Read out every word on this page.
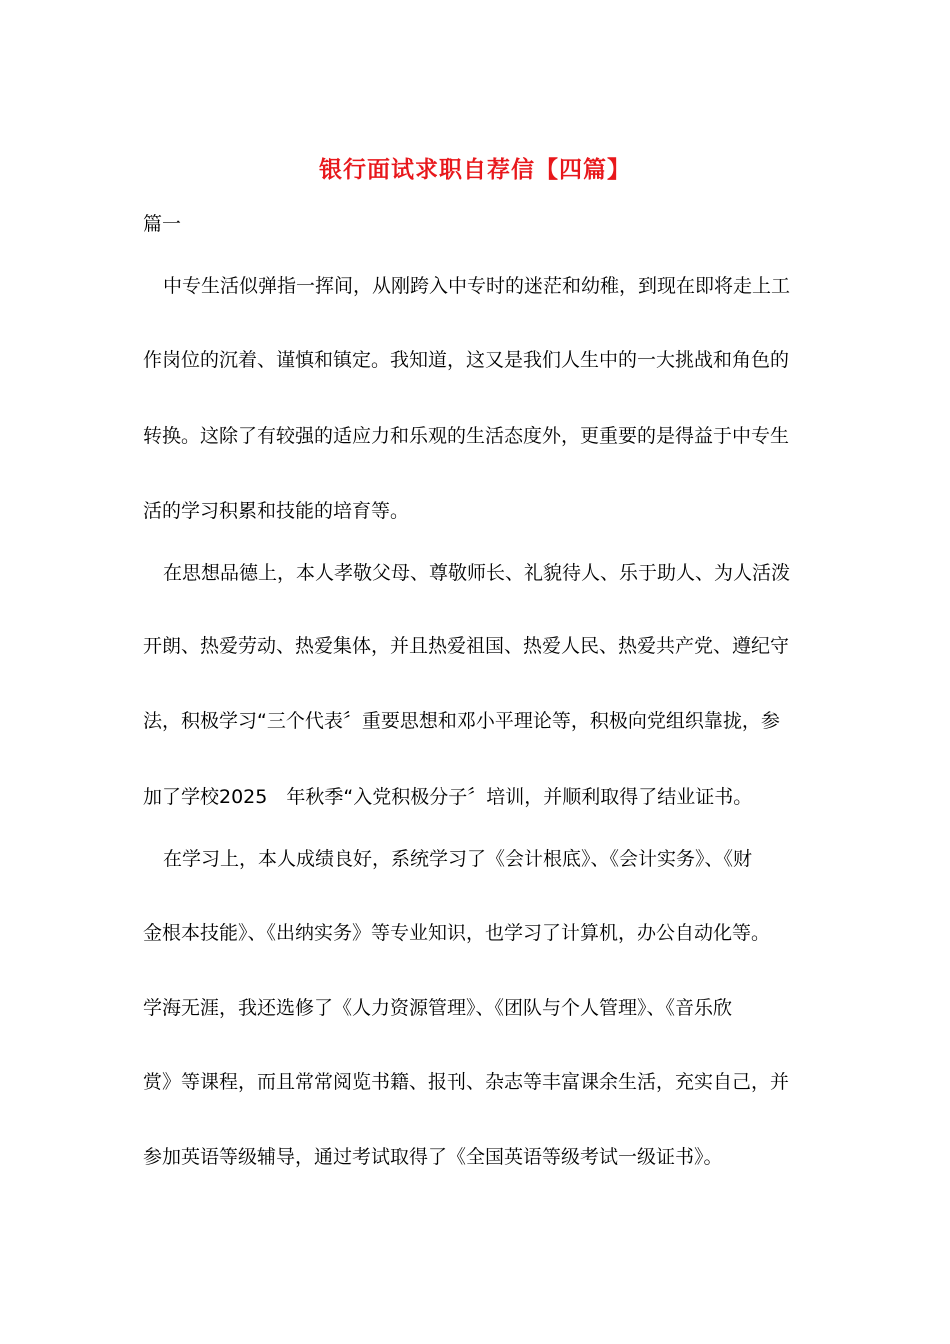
银行面试求职自荐信【四篇】
篇一
中专生活似弹指一挥间，从刚跨入中专时的迷茫和幼稚，到现在即将走上工
作岗位的沉着、谨慎和镇定。我知道，这又是我们人生中的一大挑战和角色的
转换。这除了有较强的适应力和乐观的生活态度外，更重要的是得益于中专生
活的学习积累和技能的培育等。
在思想品德上，本人孝敬父母、尊敬师长、礼貌待人、乐于助人、为人活泼
开朗、热爱劳动、热爱集体，并且热爱祖国、热爱人民、热爱共产党、遵纪守
法，积极学习“三个代表〞重要思想和邓小平理论等，积极向党组织靠拢，参
加了学校2025　年秋季“入党积极分子〞培训，并顺利取得了结业证书。
在学习上，本人成绩良好，系统学习了《会计根底》、《会计实务》、《财
金根本技能》、《出纳实务》等专业知识，也学习了计算机，办公自动化等。
学海无涯，我还选修了《人力资源管理》、《团队与个人管理》、《音乐欣
赏》等课程，而且常常阅览书籍、报刊、杂志等丰富课余生活，充实自己，并
参加英语等级辅导，通过考试取得了《全国英语等级考试一级证书》。
